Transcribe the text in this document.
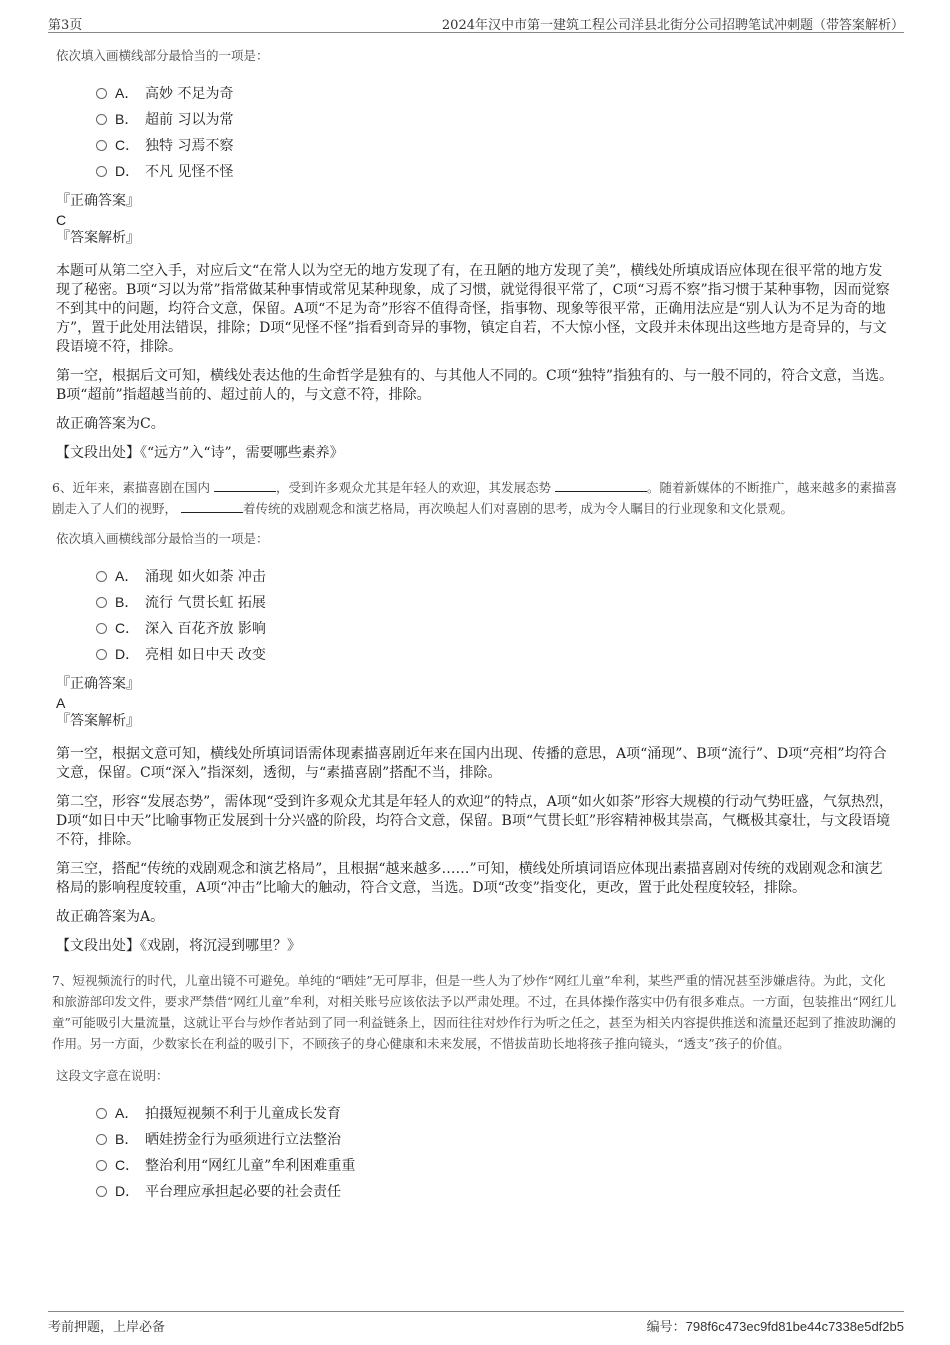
第3页	2024年汉中市第一建筑工程公司洋县北街分公司招聘笔试冲刺题（带答案解析）

依次填入画横线部分最恰当的一项是：

A． 高妙 不足为奇
B． 超前 习以为常
C． 独特 习焉不察
D． 不凡 见怪不怪
『正确答案』
C
『答案解析』

本题可从第二空入手，对应后文“在常人以为空无的地方发现了有，在丑陋的地方发现了美”，横线处所填成语应体现在很平常的地方发现了秘密。B项“习以为常”指常做某种事情或常见某种现象，成了习惯，就觉得很平常了，C项“习焉不察”指习惯于某种事物，因而觉察不到其中的问题，均符合文意，保留。A项“不足为奇”形容不值得奇怪，指事物、现象等很平常，正确用法应是“别人认为不足为奇的地方”，置于此处用法错误，排除；D项“见怪不怪”指看到奇异的事物，镇定自若，不大惊小怪，文段并未体现出这些地方是奇异的，与文段语境不符，排除。

第一空，根据后文可知，横线处表达他的生命哲学是独有的、与其他人不同的。C项“独特”指独有的、与一般不同的，符合文意，当选。B项“超前”指超越当前的、超过前人的，与文意不符，排除。

故正确答案为C。

【文段出处】《“远方”入“诗”，需要哪些素养》

6、近年来，素描喜剧在国内	，受到许多观众尤其是年轻人的欢迎，其发展态势	。随着新媒体的不断推广，越来越多的素描喜剧走入了人们的视野，	着传统的戏剧观念和演艺格局，再次唤起人们对喜剧的思考，成为令人瞩目的行业现象和文化景观。

依次填入画横线部分最恰当的一项是：

A． 涌现 如火如荼 冲击
B． 流行 气贯长虹 拓展
C． 深入 百花齐放 影响
D． 亮相 如日中天 改变
『正确答案』
A
『答案解析』

第一空，根据文意可知，横线处所填词语需体现素描喜剧近年来在国内出现、传播的意思，A项“涌现”、B项“流行”、D项“亮相”均符合文意，保留。C项“深入”指深刻，透彻，与“素描喜剧”搭配不当，排除。

第二空，形容“发展态势”，需体现“受到许多观众尤其是年轻人的欢迎”的特点，A项“如火如荼”形容大规模的行动气势旺盛，气氛热烈，D项“如日中天”比喻事物正发展到十分兴盛的阶段，均符合文意，保留。B项“气贯长虹”形容精神极其崇高，气概极其豪壮，与文段语境不符，排除。

第三空，搭配“传统的戏剧观念和演艺格局”，且根据“越来越多……”可知，横线处所填词语应体现出素描喜剧对传统的戏剧观念和演艺格局的影响程度较重，A项“冲击”比喻大的触动，符合文意，当选。D项“改变”指变化，更改，置于此处程度较轻，排除。

故正确答案为A。

【文段出处】《戏剧，将沉浸到哪里？》

7、短视频流行的时代，儿童出镜不可避免。单纯的“晒娃”无可厚非，但是一些人为了炒作“网红儿童”牟利，某些严重的情况甚至涉嫌虐待。为此，文化和旅游部印发文件，要求严禁借“网红儿童”牟利，对相关账号应该依法予以严肃处理。不过，在具体操作落实中仍有很多难点。一方面，包装推出“网红儿童”可能吸引大量流量，这就让平台与炒作者站到了同一利益链条上，因而往往对炒作行为听之任之，甚至为相关内容提供推送和流量还起到了推波助澜的作用。另一方面，少数家长在利益的吸引下，不顾孩子的身心健康和未来发展，不惜拔苗助长地将孩子推向镜头，“透支”孩子的价值。

这段文字意在说明：

A． 拍摄短视频不利于儿童成长发育
B． 晒娃捞金行为亟须进行立法整治
C． 整治利用“网红儿童”牟利困难重重
D． 平台理应承担起必要的社会责任
考前押题，上岸必备	编号：798f6c473ec9fd81be44c7338e5df2b5
